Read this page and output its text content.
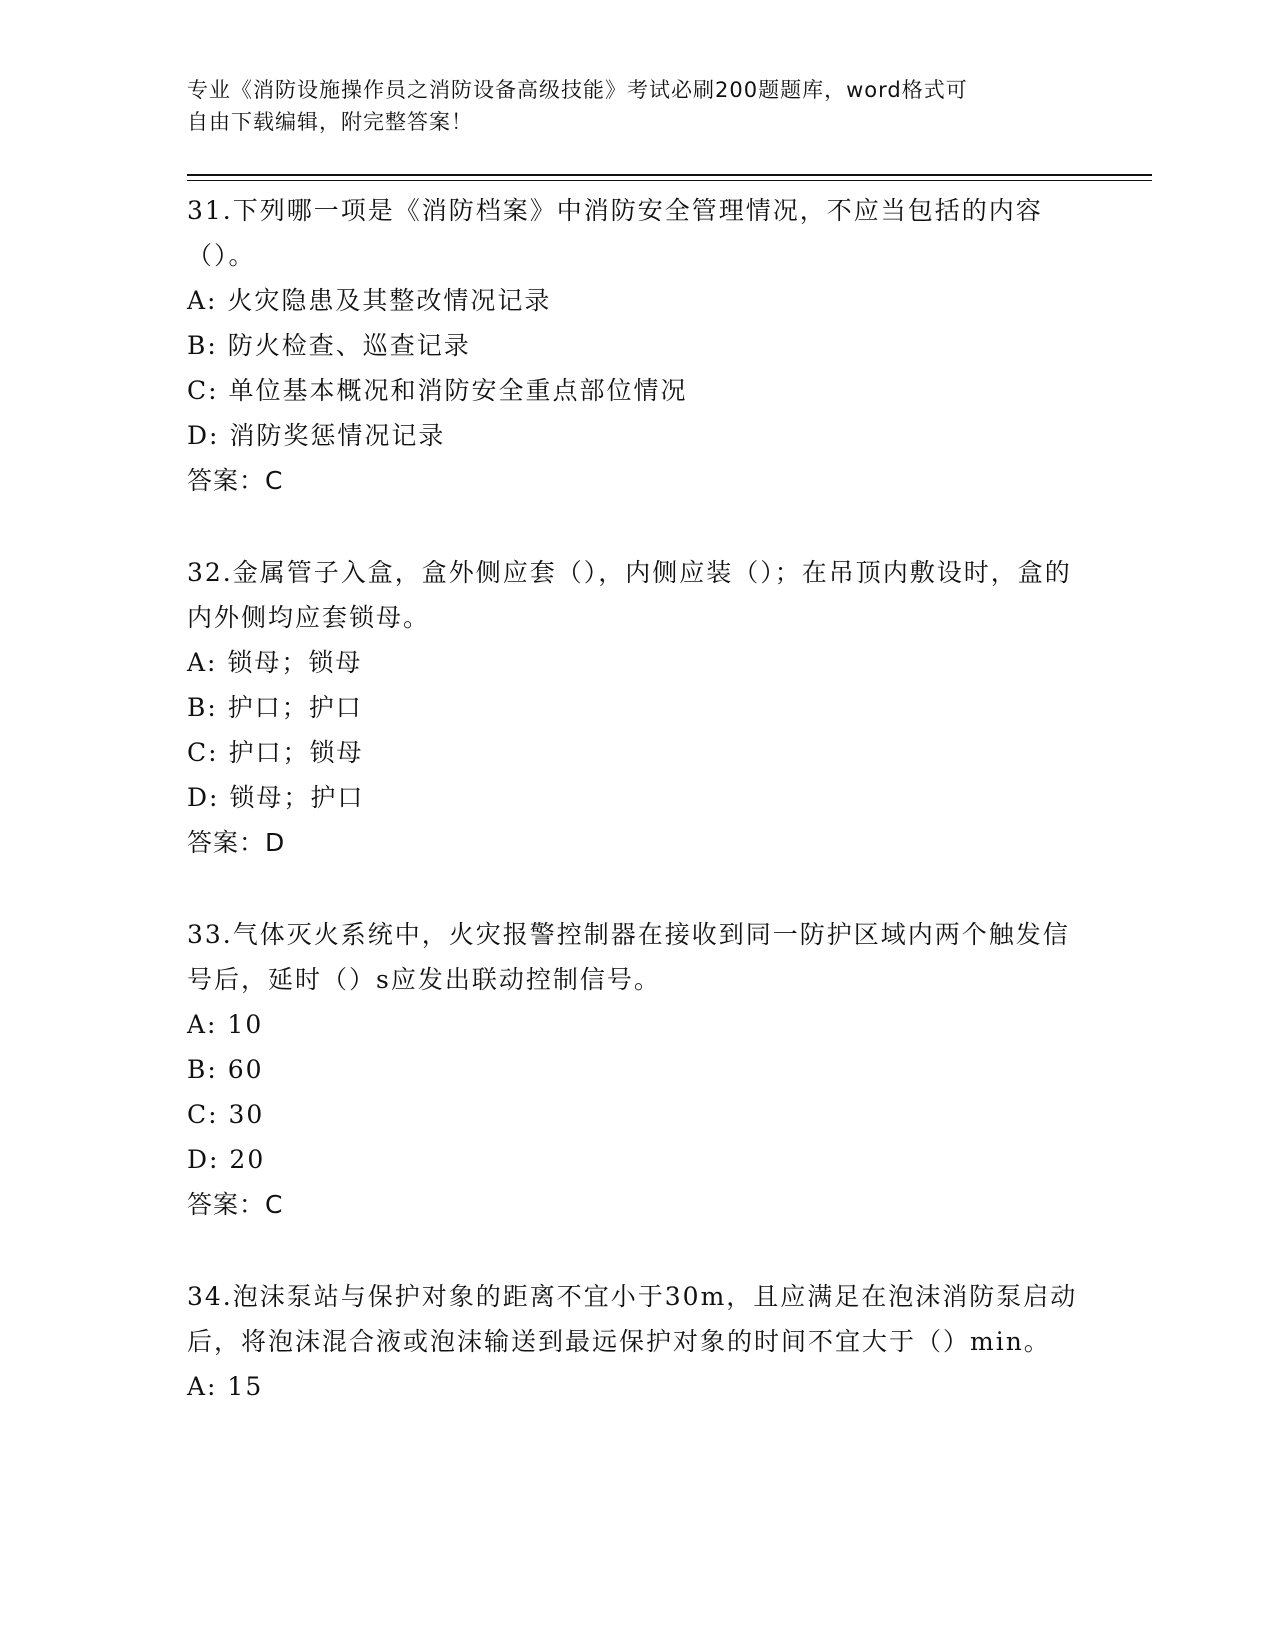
专业《消防设施操作员之消防设备高级技能》考试必刷200题题库，word格式可
自由下载编辑，附完整答案！
31.下列哪一项是《消防档案》中消防安全管理情况，不应当包括的内容（）。
A: 火灾隐患及其整改情况记录
B: 防火检查、巡查记录
C: 单位基本概况和消防安全重点部位情况
D: 消防奖惩情况记录
答案：C
32.金属管子入盒，盒外侧应套（），内侧应装（）；在吊顶内敷设时，盒的内外侧均应套锁母。
A: 锁母；锁母
B: 护口；护口
C: 护口；锁母
D: 锁母；护口
答案：D
33.气体灭火系统中，火灾报警控制器在接收到同一防护区域内两个触发信号后，延时（）s应发出联动控制信号。
A: 10
B: 60
C: 30
D: 20
答案：C
34.泡沫泵站与保护对象的距离不宜小于30m，且应满足在泡沫消防泵启动后，将泡沫混合液或泡沫输送到最远保护对象的时间不宜大于（）min。
A: 15
